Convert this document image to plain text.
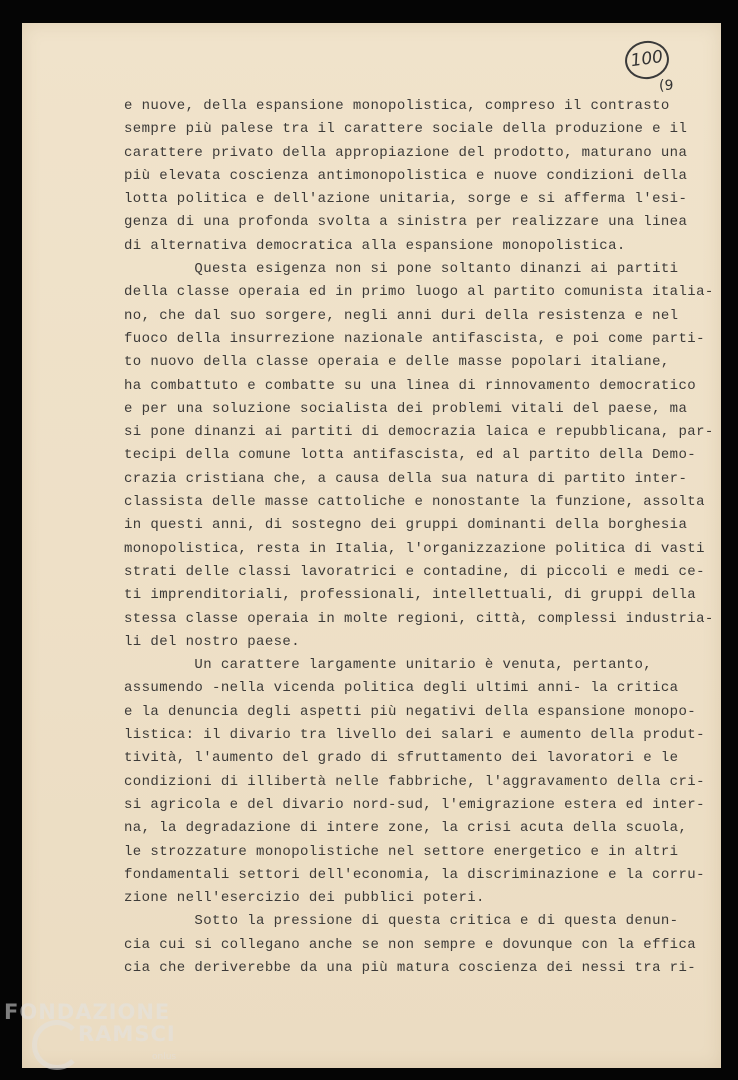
100
(9
e nuove, della espansione monopolistica, compreso il contrasto
sempre più palese tra il carattere sociale della produzione e il
carattere privato della appropiazione del prodotto, maturano una
più elevata coscienza antimonopolistica e nuove condizioni della
lotta politica e dell'azione unitaria, sorge e si afferma l'esi-
genza di una profonda svolta a sinistra per realizzare una linea
di alternativa democratica alla espansione monopolistica.
Questa esigenza non si pone soltanto dinanzi ai partiti
della classe operaia ed in primo luogo al partito comunista italia-
no, che dal suo sorgere, negli anni duri della resistenza e nel
fuoco della insurrezione nazionale antifascista, e poi come parti-
to nuovo della classe operaia e delle masse popolari italiane,
ha combattuto e combatte su una linea di rinnovamento democratico
e per una soluzione socialista dei problemi vitali del paese, ma
si pone dinanzi ai partiti di democrazia laica e repubblicana, par-
tecipi della comune lotta antifascista, ed al partito della Demo-
crazia cristiana che, a causa della sua natura di partito inter-
classista delle masse cattoliche e nonostante la funzione, assolta
in questi anni, di sostegno dei gruppi dominanti della borghesia
monopolistica, resta in Italia, l'organizzazione politica di vasti
strati delle classi lavoratrici e contadine, di piccoli e medi ce-
ti imprenditoriali, professionali, intellettuali, di gruppi della
stessa classe operaia in molte regioni, città, complessi industria-
li del nostro paese.
Un carattere largamente unitario è venuta, pertanto,
assumendo -nella vicenda politica degli ultimi anni- la critica
e la denuncia degli aspetti più negativi della espansione monopo-
listica: il divario tra livello dei salari e aumento della produt-
tività, l'aumento del grado di sfruttamento dei lavoratori e le
condizioni di illibertà nelle fabbriche, l'aggravamento della cri-
si agricola e del divario nord-sud, l'emigrazione estera ed inter-
na, la degradazione di intere zone, la crisi acuta della scuola,
le strozzature monopolistiche nel settore energetico e in altri
fondamentali settori dell'economia, la discriminazione e la corru-
zione nell'esercizio dei pubblici poteri.
Sotto la pressione di questa critica e di questa denun-
cia cui si collegano anche se non sempre e dovunque con la effica
cia che deriverebbe da una più matura coscienza dei nessi tra ri-
FONDAZIONE
RAMSCI
onlus
